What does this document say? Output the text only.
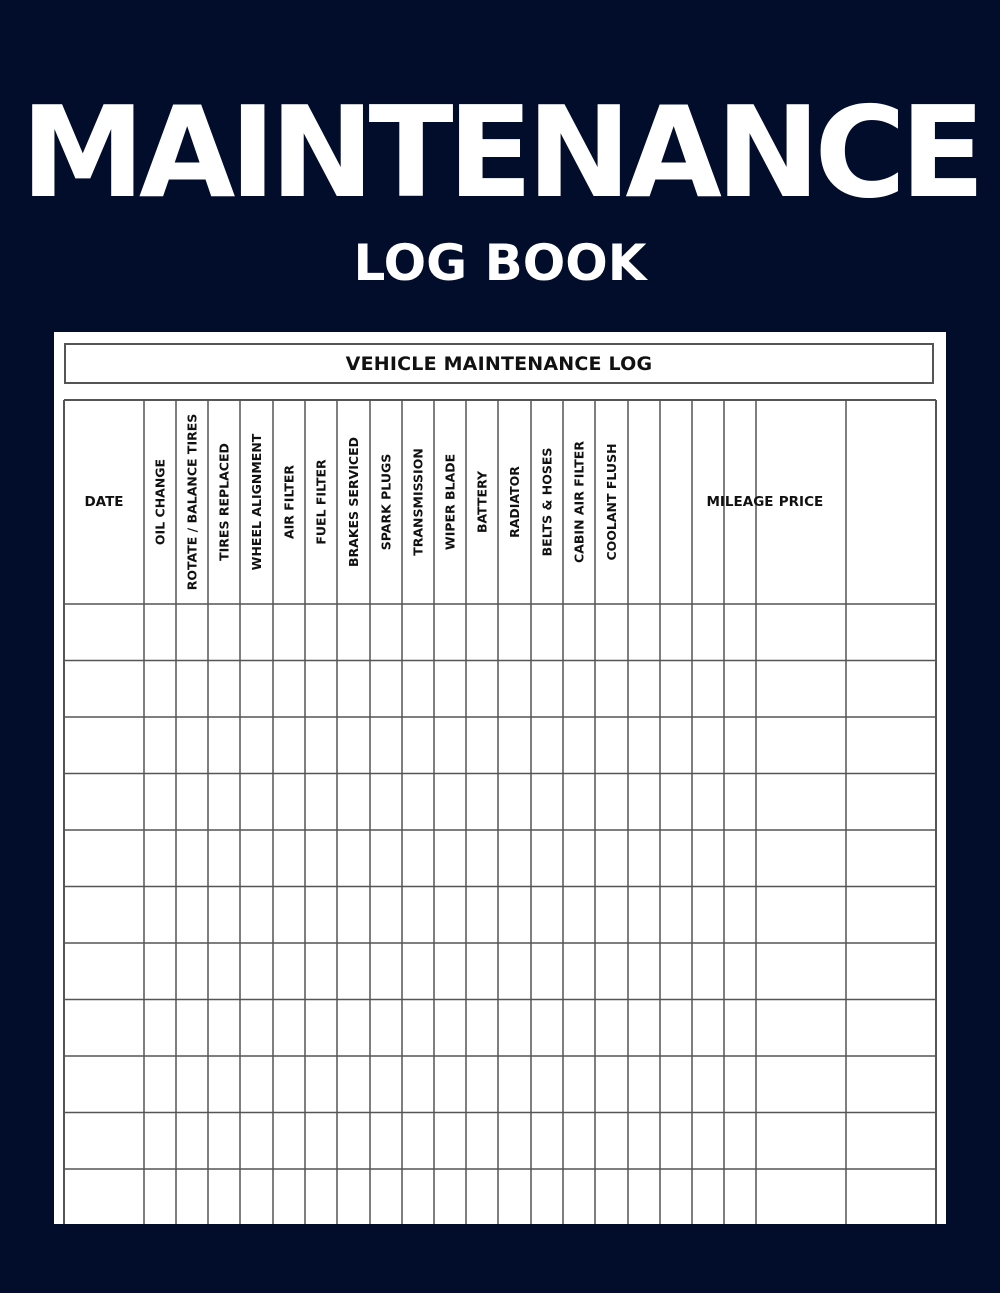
MAINTENANCE
LOG BOOK
VEHICLE MAINTENANCE LOG
DATE OIL CHANGE ROTATE / BALANCE TIRES TIRES REPLACED WHEEL ALIGNMENT AIR FILTER FUEL FILTER BRAKES SERVICED SPARK PLUGS TRANSMISSION WIPER BLADE BATTERY RADIATOR BELTS & HOSES CABIN AIR FILTER COOLANT FLUSH	MILEAGE PRICE
